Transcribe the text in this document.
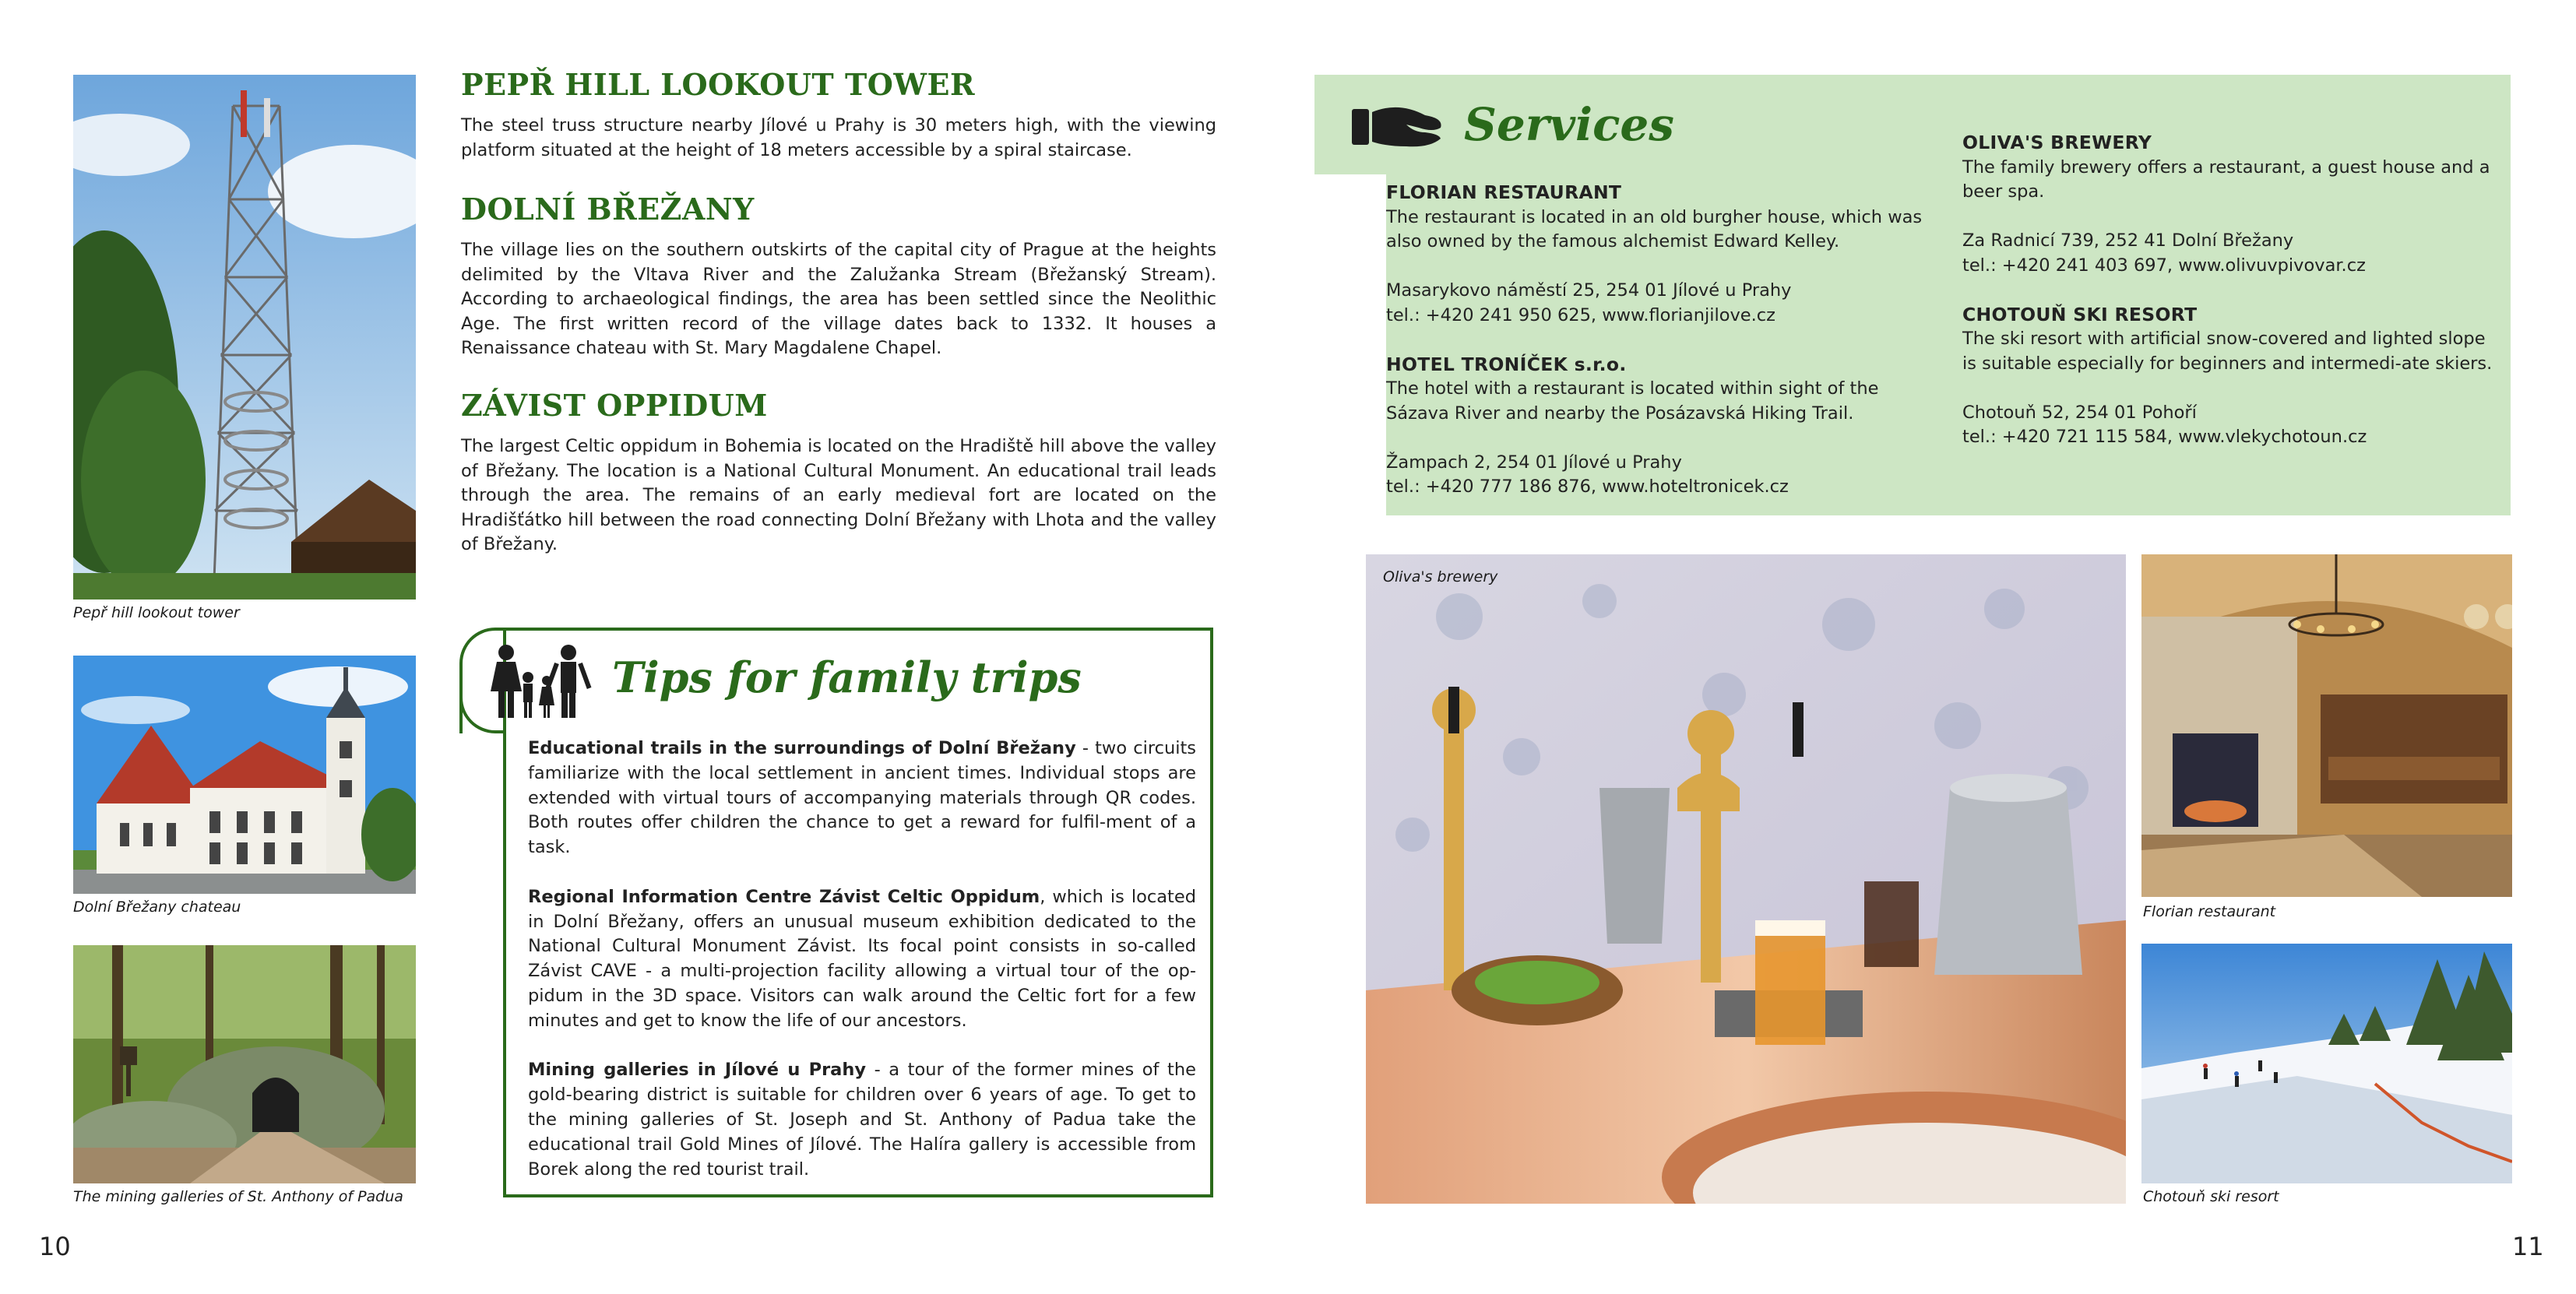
Pepř hill lookout tower
Dolní Břežany chateau
The mining galleries of St. Anthony of Padua
PEPŘ HILL LOOKOUT TOWER

The steel truss structure nearby Jílové u Prahy is 30 meters high, with the viewing platform situated at the height of 18 meters accessible by a spiral staircase.

DOLNÍ BŘEŽANY

The village lies on the southern outskirts of the capital city of Prague at the heights delimited by the Vltava River and the Zalužanka Stream (Břežanský Stream). According to archaeological findings, the area has been settled since the Neolithic Age. The first written record of the village dates back to 1332. It houses a Renaissance chateau with St. Mary Magdalene Chapel.

ZÁVIST OPPIDUM

The largest Celtic oppidum in Bohemia is located on the Hradiště hill above the valley of Břežany. The location is a National Cultural Monument. An educational trail leads through the area. The remains of an early medieval fort are located on the Hradišťátko hill between the road connecting Dolní Břežany with Lhota and the valley of Břežany.

Tips for family trips

Educational trails in the surroundings of Dolní Břežany - two circuits familiarize with the local settlement in ancient times. Individual stops are extended with virtual tours of accompanying materials through QR codes. Both routes offer children the chance to get a reward for fulfil-ment of a task.

Regional Information Centre Závist Celtic Oppidum, which is located in Dolní Břežany, offers an unusual museum exhibition dedicated to the National Cultural Monument Závist. Its focal point consists in so-called Závist CAVE - a multi-projection facility allowing a virtual tour of the op-pidum in the 3D space. Visitors can walk around the Celtic fort for a few minutes and get to know the life of our ancestors.

Mining galleries in Jílové u Prahy - a tour of the former mines of the gold-bearing district is suitable for children over 6 years of age. To get to the mining galleries of St. Joseph and St. Anthony of Padua take the educational trail Gold Mines of Jílové. The Halíra gallery is accessible from Borek along the red tourist trail.

10
Services

FLORIAN RESTAURANT

The restaurant is located in an old burgher house, which was also owned by the famous alchemist Edward Kelley.

Masarykovo náměstí 25, 254 01 Jílové u Prahy

tel.: +420 241 950 625, www.florianjilove.cz

HOTEL TRONÍČEK s.r.o.

The hotel with a restaurant is located within sight of the Sázava River and nearby the Posázavská Hiking Trail.

Žampach 2, 254 01 Jílové u Prahy

tel.: +420 777 186 876, www.hoteltronicek.cz

OLIVA'S BREWERY

The family brewery offers a restaurant, a guest house and a beer spa.

Za Radnicí 739, 252 41 Dolní Břežany

tel.: +420 241 403 697, www.olivuvpivovar.cz

CHOTOUŇ SKI RESORT

The ski resort with artificial snow-covered and lighted slope is suitable especially for beginners and intermedi-ate skiers.

Chotouň 52, 254 01 Pohoří

tel.: +420 721 115 584, www.vlekychotoun.cz

Oliva's brewery
Florian restaurant
Chotouň ski resort
11
